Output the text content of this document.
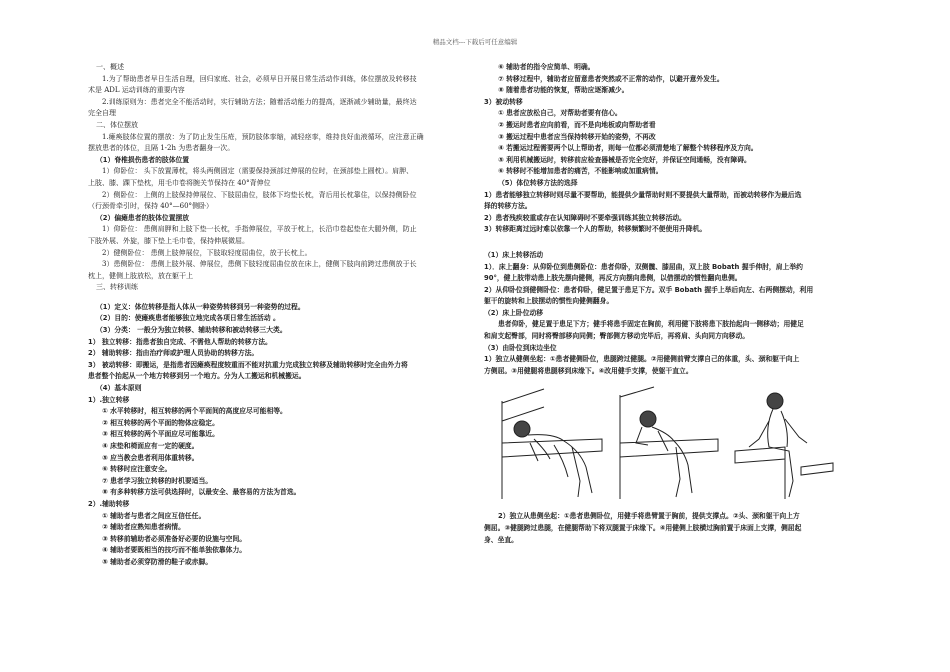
精品文档---下载后可任意编辑
一、概述
1.为了帮助患者早日生活自理，回归家庭、社会，必须早日开展日常生活动作训练，体位摆放及转移技
术是 ADL 运动训练的重要内容
2.训练原则为：患者完全不能活动时，实行辅助方法；随着活动能力的提高，逐渐减少辅助量，最终达
完全自理
二、体位摆放
1.瘫痪肢体位置的摆放：为了防止发生压疮，预防肢体挛缩，减轻痉挛，维持良好血液循环，应注意正确
摆放患者的体位，且隔 1-2h 为患者翻身一次。
（1）脊椎损伤患者的肢体位置
1）仰卧位： 头下放置薄枕，将头两侧固定（需要保持颈部过伸展的位时，在颈部垫上圆枕）。肩胛、
上肢、膝、踝下垫枕，用毛巾卷将腕关节保持在 40°背伸位
2）侧卧位： 上侧的上肢保持伸展位、下肢屈曲位，肢体下均垫长枕，背后用长枕靠住，以保持侧卧位
（行颈骨牵引时，保持 40°—60°侧卧）
（2）偏瘫患者的肢体位置摆放
1）仰卧位： 患侧肩胛和上肢下垫一长枕，手指伸展位，平放于枕上，长沿巾卷起垫在大腿外侧，防止
下肢外展、外旋，膝下垫上毛巾卷，保持伸展微屈。
2）健侧卧位： 患侧上肢伸展位，下肢取轻度屈曲位，放于长枕上。
3）患侧卧位： 患侧上肢外展、伸展位，患侧下肢轻度屈曲位放在床上，健侧下肢向前跨过患侧放于长
枕上，健侧上肢放松，放在躯干上
三、转移训练
（1）定义：体位转移是指人体从一种姿势转移到另一种姿势的过程。
（2）目的：使瘫痪患者能够独立地完成各项日常生活活动 。
（3）分类： 一般分为独立转移、辅助转移和被动转移三大类。
1） 独立转移：指患者独自完成、不需他人帮助的转移方法。
2） 辅助转移：指由治疗师或护理人员协助的转移方法。
3） 被动转移：即搬运，是指患者因瘫痪程度较重而不能对抗重力完成独立转移及辅助转移时完全由外力将
患者整个抬起从一个地方转移到另一个地方。分为人工搬运和机械搬运。
（4）基本原则
1）.独立转移
① 水平转移时，相互转移的两个平面间的高度应尽可能相等。
② 相互转移的两个平面的物体应稳定。
③ 相互转移的两个平面应尽可能靠近。
④ 床垫和椅面应有一定的硬度。
⑤ 应当教会患者利用体重转移。
⑥ 转移时应注意安全。
⑦ 患者学习独立转移的时机要适当。
⑧ 有多种转移方法可供选择时，以最安全、最容易的方法为首选。
2）.辅助转移
① 辅助者与患者之间应互信任任。
② 辅助者应熟知患者病情。
③ 转移前辅助者必须准备好必要的设施与空间。
④ 辅助者要既相当的技巧而不能单独依靠体力。
⑤ 辅助者必须穿防滑的鞋子或赤脚。
⑥ 辅助者的指令应简单、明确。
⑦ 转移过程中，辅助者应留意患者突然或不正常的动作，以避开意外发生。
⑧ 随着患者功能的恢复，帮助应逐渐减少。
3）被动转移
① 患者应放松自己，对帮助者要有信心。
② 搬运时患者应向前看，而不是向地板或向帮助者看
③ 搬运过程中患者应当保持转移开始的姿势，不再改
④ 若搬运过程需要两个以上帮助者，则每一位都必须清楚地了解整个转移程序及方向。
⑤ 利用机械搬运时，转移前应检查器械是否完全完好，并保证空间通畅，没有障碍。
⑥ 转移时不能增加患者的痛苦，不能影响或加重病情。
（5）体位转移方法的选择
1）患者能够独立转移时则尽量不要帮助，能提供少量帮助时则不要提供大量帮助，而被动转移作为最后选
择的转移方法。
2）患者残疾较重或存在认知障碍时不要牵强训练其独立转移活动。
3）转移距离过远时难以依靠一个人的帮助，转移频繁时不便使用升降机。
（1）床上转移活动
1）．床上翻身：从仰卧位到患侧卧位：患者仰卧，双侧髋、膝屈曲，双上肢 Bobath 握手伸肘，肩上举约
90°，健上肢带动患上肢先摆向健侧，再反方向摆向患侧，以借摆动的惯性翻向患侧。
2）从仰卧位到健侧卧位：患者仰卧，健足置于患足下方。双手 Bobath 握手上举后向左、右两侧摆动，利用
躯干的旋转和上肢摆动的惯性向健侧翻身。
（2）床上卧位动移
患者仰卧，健足置于患足下方；健手将患手固定在胸前，利用健下肢将患下肢抬起向一侧移动；用健足
和肩支起臀部，同时将臀部移向同侧；臀部侧方移动完毕后，再将肩、头向同方向移动。
（3）由卧位到床边坐位
1）独立从健侧坐起：①患者健侧卧位，患腿跨过健腿。②用健侧前臂支撑自己的体重，头、颈和躯干向上
方侧屈。③用健腿将患腿移到床缘下。④改用健手支撑，使躯干直立。
2）独立从患侧坐起：①患者患侧卧位，用健手将患臂置于胸前，提供支撑点。②头、颈和躯干向上方
侧屈。③健腿跨过患腿，在健腿帮助下将双腿置于床缘下。④用健侧上肢横过胸前置于床面上支撑，侧屈起
身、坐直。
